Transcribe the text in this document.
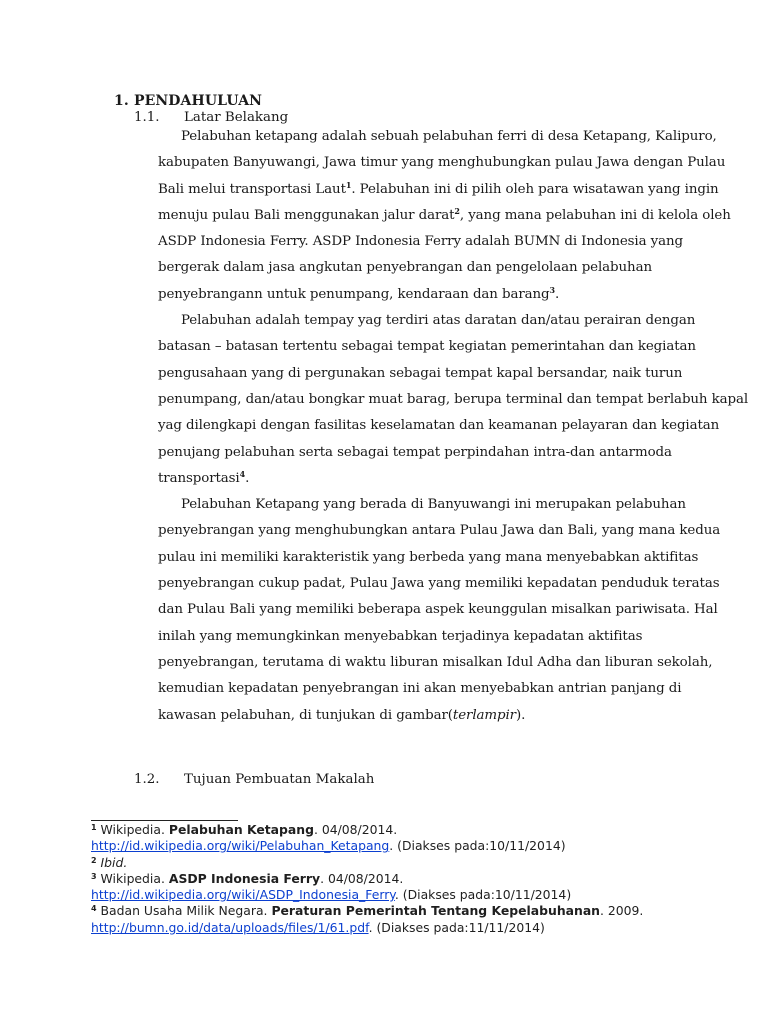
1. PENDAHULUAN
1.1. Latar Belakang
Pelabuhan ketapang adalah sebuah pelabuhan ferri di desa Ketapang, Kalipuro,
kabupaten Banyuwangi, Jawa timur yang menghubungkan pulau Jawa dengan Pulau
Bali melui transportasi Laut$^1$. Pelabuhan ini di pilih oleh para wisatawan yang ingin
menuju pulau Bali menggunakan jalur darat$^2$, yang mana pelabuhan ini di kelola oleh
ASDP Indonesia Ferry. ASDP Indonesia Ferry adalah BUMN di Indonesia yang
bergerak dalam jasa angkutan penyebrangan dan pengelolaan pelabuhan
penyebrangann untuk penumpang, kendaraan dan barang$^3$.
Pelabuhan adalah tempay yag terdiri atas daratan dan/atau perairan dengan
batasan – batasan tertentu sebagai tempat kegiatan pemerintahan dan kegiatan
pengusahaan yang di pergunakan sebagai tempat kapal bersandar, naik turun
penumpang, dan/atau bongkar muat barag, berupa terminal dan tempat berlabuh kapal
yag dilengkapi dengan fasilitas keselamatan dan keamanan pelayaran dan kegiatan
penujang pelabuhan serta sebagai tempat perpindahan intra-dan antarmoda
transportasi$^4$.
Pelabuhan Ketapang yang berada di Banyuwangi ini merupakan pelabuhan
penyebrangan yang menghubungkan antara Pulau Jawa dan Bali, yang mana kedua
pulau ini memiliki karakteristik yang berbeda yang mana menyebabkan aktifitas
penyebrangan cukup padat, Pulau Jawa yang memiliki kepadatan penduduk teratas
dan Pulau Bali yang memiliki beberapa aspek keunggulan misalkan pariwisata. Hal
inilah yang memungkinkan menyebabkan terjadinya kepadatan aktifitas
penyebrangan, terutama di waktu liburan misalkan Idul Adha dan liburan sekolah,
kemudian kepadatan penyebrangan ini akan menyebabkan antrian panjang di
kawasan pelabuhan, di tunjukan di gambar(terlampir).
1.2. Tujuan Pembuatan Makalah
$^1$ Wikipedia. Pelabuhan Ketapang. 04/08/2014.
http://id.wikipedia.org/wiki/Pelabuhan_Ketapang. (Diakses pada:10/11/2014)
$^2$ Ibid.
$^3$ Wikipedia. ASDP Indonesia Ferry. 04/08/2014.
http://id.wikipedia.org/wiki/ASDP_Indonesia_Ferry. (Diakses pada:10/11/2014)
$^4$ Badan Usaha Milik Negara. Peraturan Pemerintah Tentang Kepelabuhanan. 2009.
http://bumn.go.id/data/uploads/files/1/61.pdf. (Diakses pada:11/11/2014)
